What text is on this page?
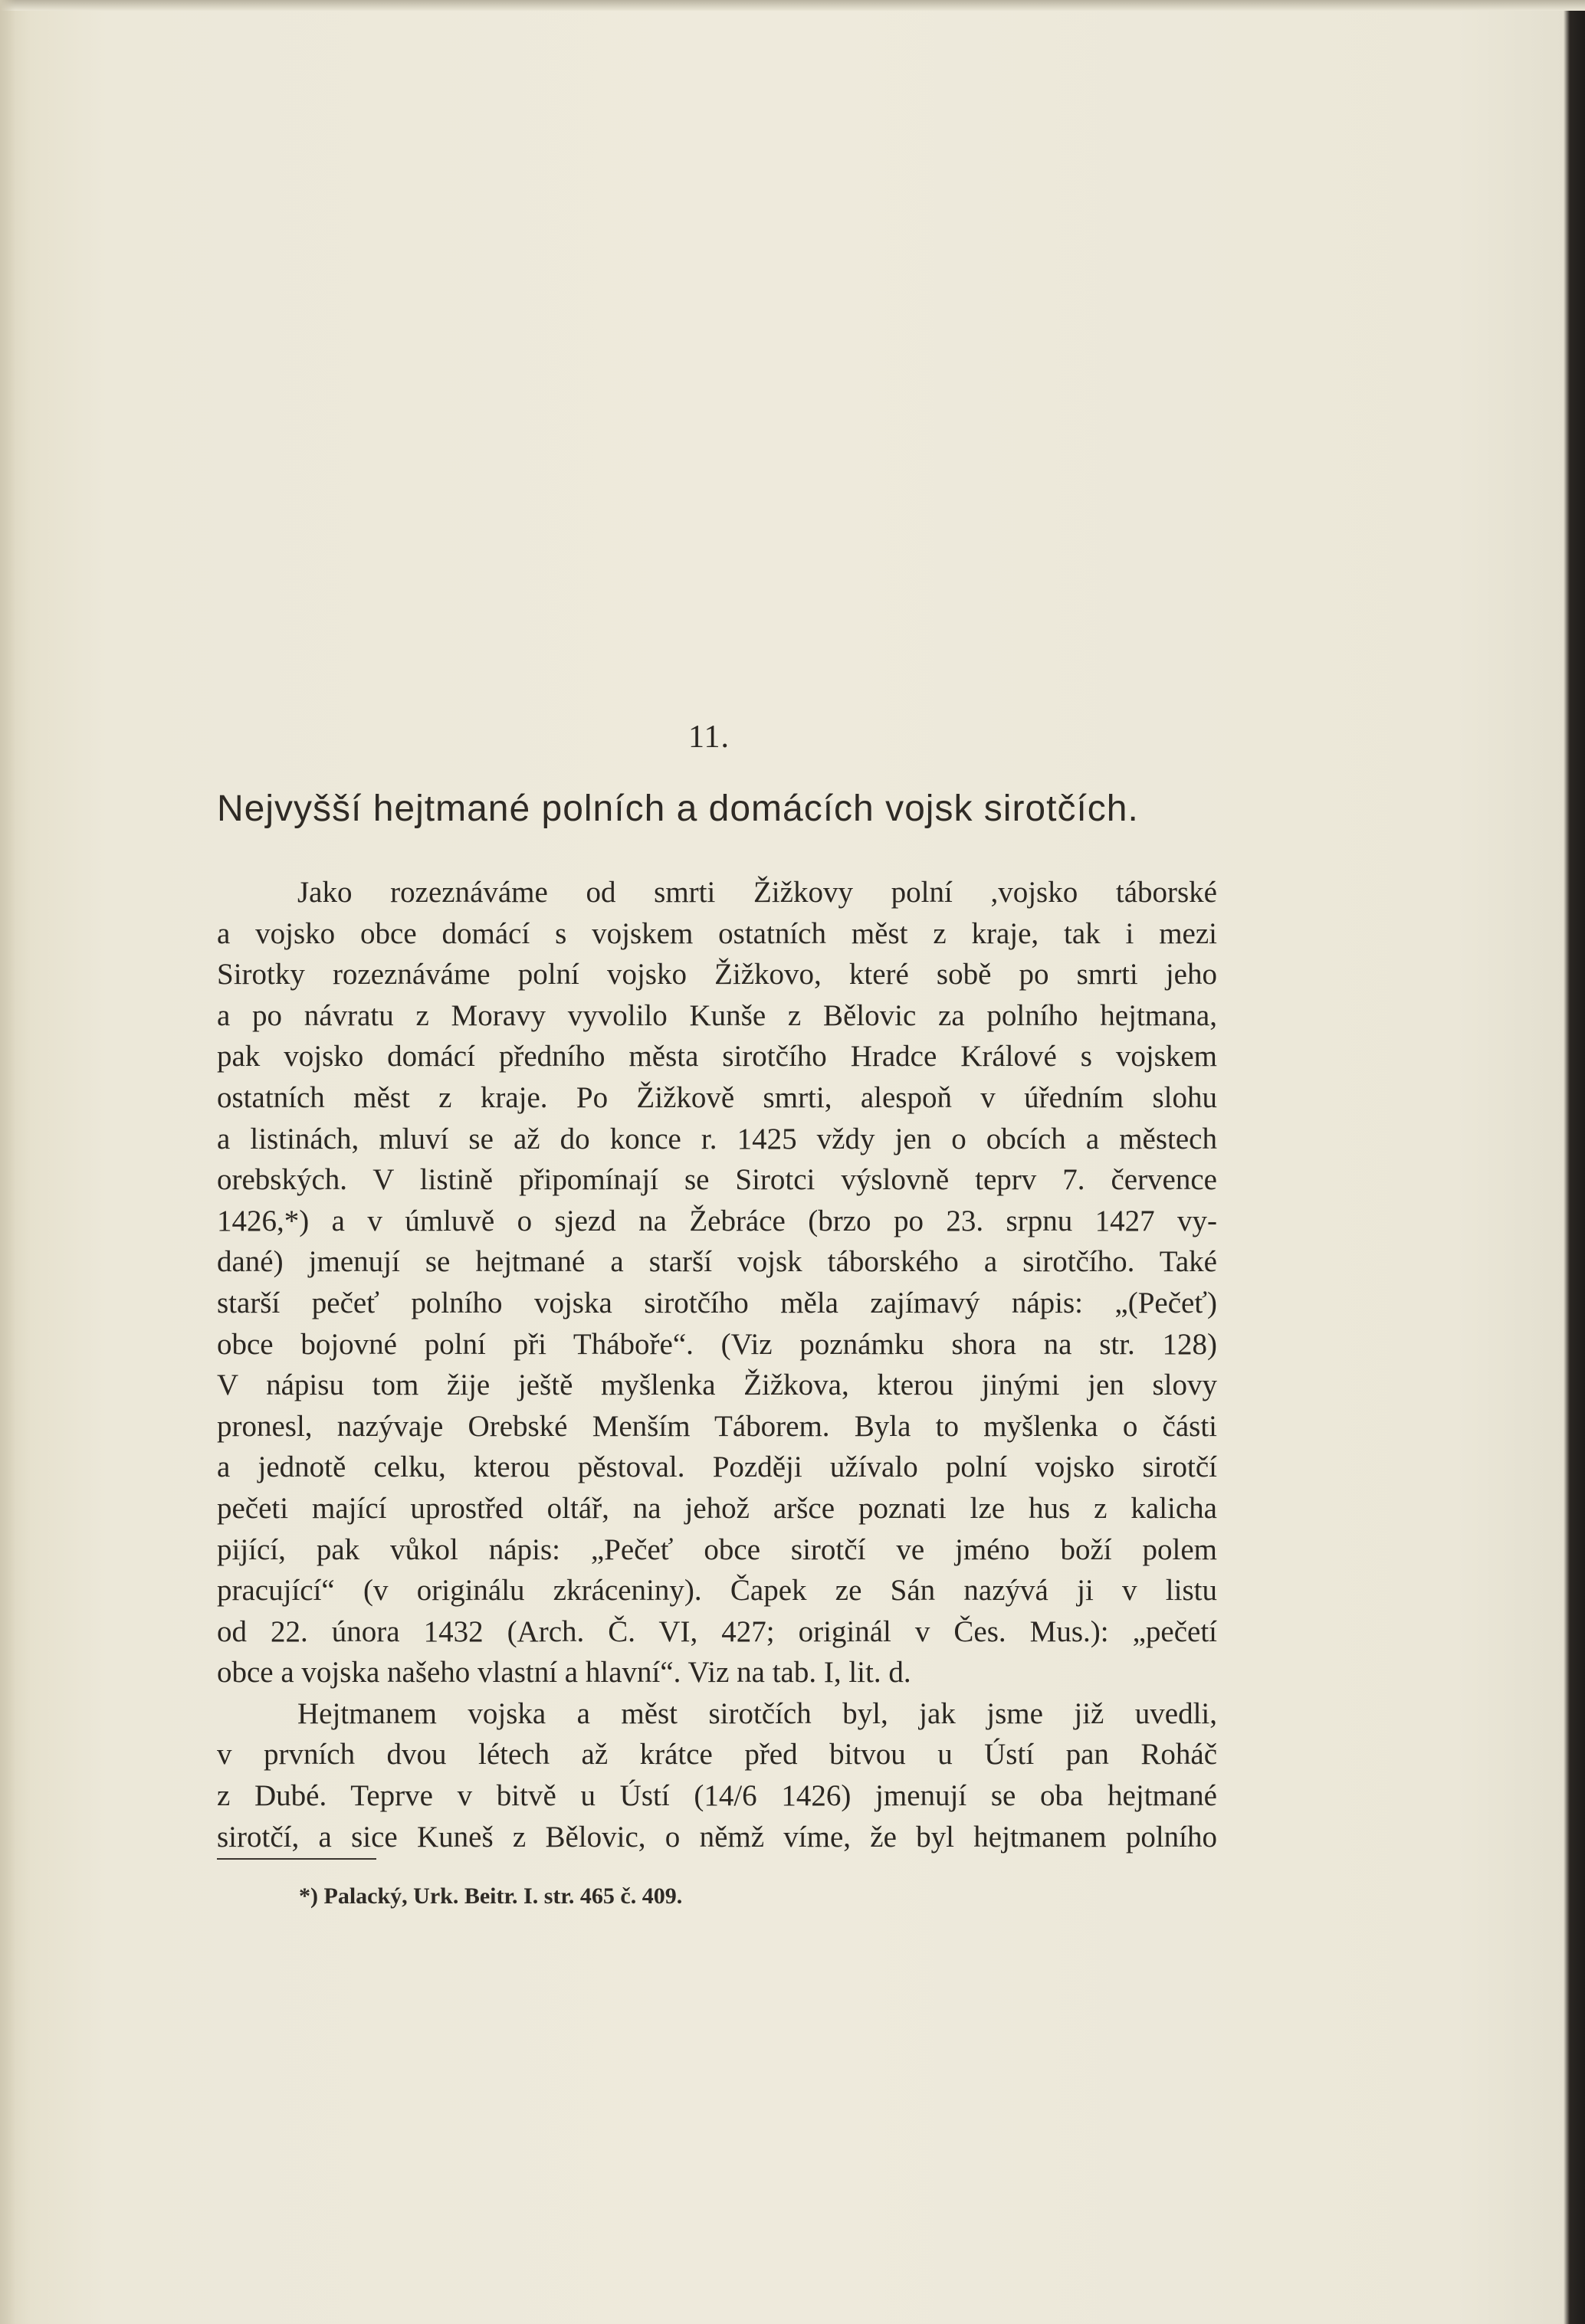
11.
Nejvyšší hejtmané polních a domácích vojsk sirotčích.
Jako rozeznáváme od smrti Žižkovy polní ,vojsko táborské
a vojsko obce domácí s vojskem ostatních měst z kraje, tak i mezi
Sirotky rozeznáváme polní vojsko Žižkovo, které sobě po smrti jeho
a po návratu z Moravy vyvolilo Kunše z Bělovic za polního hejtmana,
pak vojsko domácí předního města sirotčího Hradce Králové s vojskem
ostatních měst z kraje. Po Žižkově smrti, alespoň v úředním slohu
a listinách, mluví se až do konce r. 1425 vždy jen o obcích a městech
orebských. V listině připomínají se Sirotci výslovně teprv 7. července
1426,*) a v úmluvě o sjezd na Žebráce (brzo po 23. srpnu 1427 vy-
dané) jmenují se hejtmané a starší vojsk táborského a sirotčího. Také
starší pečeť polního vojska sirotčího měla zajímavý nápis: „(Pečeť)
obce bojovné polní při Tháboře“. (Viz poznámku shora na str. 128)
V nápisu tom žije ještě myšlenka Žižkova, kterou jinými jen slovy
pronesl, nazývaje Orebské Menším Táborem. Byla to myšlenka o části
a jednotě celku, kterou pěstoval. Později užívalo polní vojsko sirotčí
pečeti mající uprostřed oltář, na jehož aršce poznati lze hus z kalicha
pijící, pak vůkol nápis: „Pečeť obce sirotčí ve jméno boží polem
pracující“ (v originálu zkráceniny). Čapek ze Sán nazývá ji v listu
od 22. února 1432 (Arch. Č. VI, 427; originál v Čes. Mus.): „pečetí
obce a vojska našeho vlastní a hlavní“. Viz na tab. I, lit. d.
Hejtmanem vojska a měst sirotčích byl, jak jsme již uvedli,
v prvních dvou létech až krátce před bitvou u Ústí pan Roháč
z Dubé. Teprve v bitvě u Ústí (14/6 1426) jmenují se oba hejtmané
sirotčí, a sice Kuneš z Bělovic, o němž víme, že byl hejtmanem polního
*) Palacký, Urk. Beitr. I. str. 465 č. 409.
